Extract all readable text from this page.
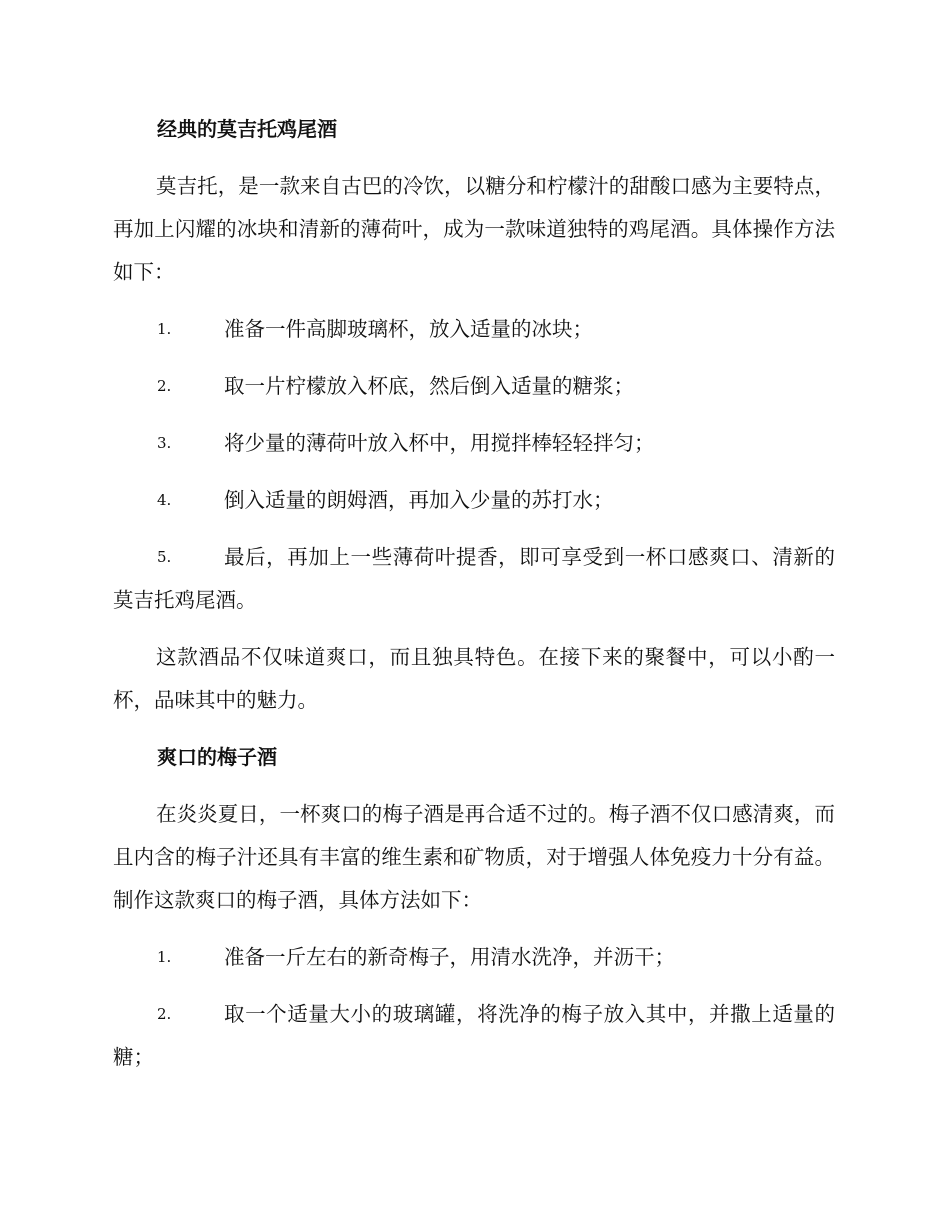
经典的莫吉托鸡尾酒

莫吉托，是一款来自古巴的冷饮，以糖分和柠檬汁的甜酸口感为主要特点，再加上闪耀的冰块和清新的薄荷叶，成为一款味道独特的鸡尾酒。具体操作方法如下：

1.	准备一件高脚玻璃杯，放入适量的冰块；
2.	取一片柠檬放入杯底，然后倒入适量的糖浆；
3.	将少量的薄荷叶放入杯中，用搅拌棒轻轻拌匀；
4.	倒入适量的朗姆酒，再加入少量的苏打水；
5.	最后，再加上一些薄荷叶提香，即可享受到一杯口感爽口、清新的莫吉托鸡尾酒。

这款酒品不仅味道爽口，而且独具特色。在接下来的聚餐中，可以小酌一杯，品味其中的魅力。

爽口的梅子酒

在炎炎夏日，一杯爽口的梅子酒是再合适不过的。梅子酒不仅口感清爽，而且内含的梅子汁还具有丰富的维生素和矿物质，对于增强人体免疫力十分有益。制作这款爽口的梅子酒，具体方法如下：

1.	准备一斤左右的新奇梅子，用清水洗净，并沥干；
2.	取一个适量大小的玻璃罐，将洗净的梅子放入其中，并撒上适量的糖；
